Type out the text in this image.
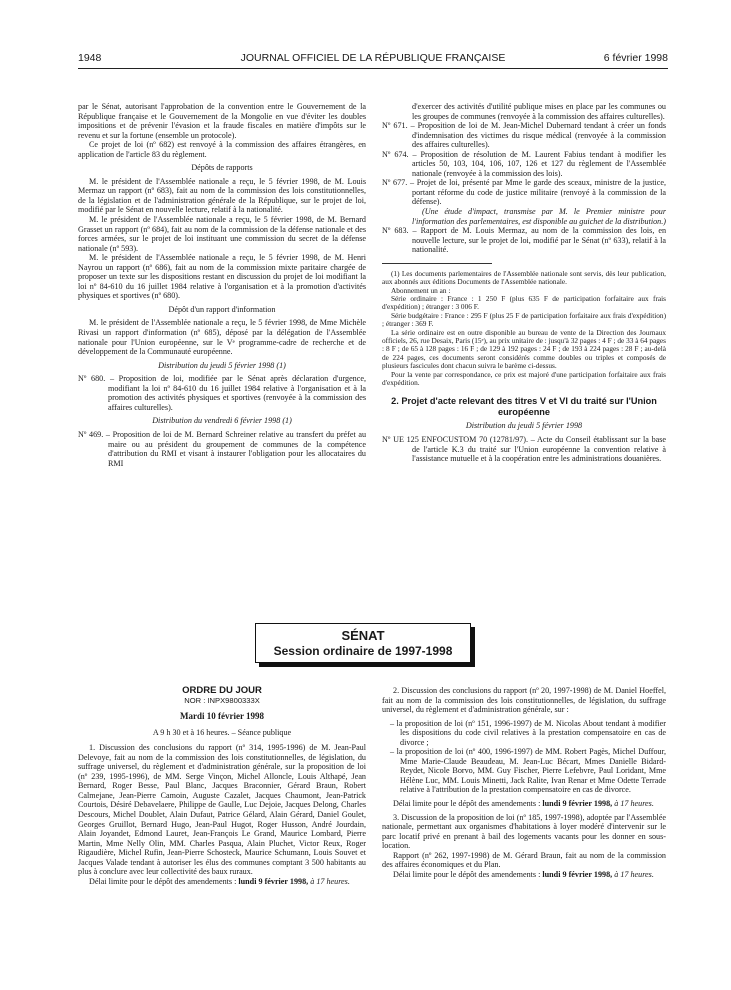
1948	JOURNAL OFFICIEL DE LA RÉPUBLIQUE FRANÇAISE	6 février 1998

par le Sénat, autorisant l'approbation de la convention entre le Gouvernement de la République française et le Gouvernement de la Mongolie en vue d'éviter les doubles impositions et de prévenir l'évasion et la fraude fiscales en matière d'impôts sur le revenu et sur la fortune (ensemble un protocole).

Ce projet de loi (nº 682) est renvoyé à la commission des affaires étrangères, en application de l'article 83 du règlement.

Dépôts de rapports

M. le président de l'Assemblée nationale a reçu, le 5 février 1998, de M. Louis Mermaz un rapport (nº 683), fait au nom de la commission des lois constitutionnelles, de la législation et de l'administration générale de la République, sur le projet de loi, modifié par le Sénat en nouvelle lecture, relatif à la nationalité.

M. le président de l'Assemblée nationale a reçu, le 5 février 1998, de M. Bernard Grasset un rapport (nº 684), fait au nom de la commission de la défense nationale et des forces armées, sur le projet de loi instituant une commission du secret de la défense nationale (nº 593).

M. le président de l'Assemblée nationale a reçu, le 5 février 1998, de M. Henri Nayrou un rapport (nº 686), fait au nom de la commission mixte paritaire chargée de proposer un texte sur les dispositions restant en discussion du projet de loi modifiant la loi nº 84-610 du 16 juillet 1984 relative à l'organisation et à la promotion d'activités physiques et sportives (nº 680).

Dépôt d'un rapport d'information

M. le président de l'Assemblée nationale a reçu, le 5 février 1998, de Mme Michèle Rivasi un rapport d'information (nº 685), déposé par la délégation de l'Assemblée nationale pour l'Union européenne, sur le Vᵉ programme-cadre de recherche et de développement de la Communauté européenne.

Distribution du jeudi 5 février 1998 (1)

Nº 680. – Proposition de loi, modifiée par le Sénat après déclaration d'urgence, modifiant la loi nº 84-610 du 16 juillet 1984 relative à l'organisation et à la promotion des activités physiques et sportives (renvoyée à la commission des affaires culturelles).

Distribution du vendredi 6 février 1998 (1)

Nº 469. – Proposition de loi de M. Bernard Schreiner relative au transfert du préfet au maire ou au président du groupement de communes de la compétence d'attribution du RMI et visant à instaurer l'obligation pour les allocataires du RMI

d'exercer des activités d'utilité publique mises en place par les communes ou les groupes de communes (renvoyée à la commission des affaires culturelles).

Nº 671. – Proposition de loi de M. Jean-Michel Dubernard tendant à créer un fonds d'indemnisation des victimes du risque médical (renvoyée à la commission des affaires culturelles).

Nº 674. – Proposition de résolution de M. Laurent Fabius tendant à modifier les articles 50, 103, 104, 106, 107, 126 et 127 du règlement de l'Assemblée nationale (renvoyée à la commission des lois).

Nº 677. – Projet de loi, présenté par Mme le garde des sceaux, ministre de la justice, portant réforme du code de justice militaire (renvoyé à la commission de la défense).

(Une étude d'impact, transmise par M. le Premier ministre pour l'information des parlementaires, est disponible au guichet de la distribution.)

Nº 683. – Rapport de M. Louis Mermaz, au nom de la commission des lois, en nouvelle lecture, sur le projet de loi, modifié par le Sénat (nº 633), relatif à la nationalité.

(1) Les documents parlementaires de l'Assemblée nationale sont servis, dès leur publication, aux abonnés aux éditions Documents de l'Assemblée nationale.

Abonnement un an :

Série ordinaire : France : 1 250 F (plus 635 F de participation forfaitaire aux frais d'expédition) ; étranger : 3 006 F.

Série budgétaire : France : 295 F (plus 25 F de participation forfaitaire aux frais d'expédition) ; étranger : 369 F.

La série ordinaire est en outre disponible au bureau de vente de la Direction des Journaux officiels, 26, rue Desaix, Paris (15ᵉ), au prix unitaire de : jusqu'à 32 pages : 4 F ; de 33 à 64 pages : 8 F ; de 65 à 128 pages : 16 F ; de 129 à 192 pages : 24 F ; de 193 à 224 pages : 28 F ; au-delà de 224 pages, ces documents seront considérés comme doubles ou triples et composés de plusieurs fascicules dont chacun suivra le barème ci-dessus.

Pour la vente par correspondance, ce prix est majoré d'une participation forfaitaire aux frais d'expédition.

2. Projet d'acte relevant des titres V et VI du traité sur l'Union européenne

Distribution du jeudi 5 février 1998

Nº UE 125 ENFOCUSTOM 70 (12781/97). – Acte du Conseil établissant sur la base de l'article K.3 du traité sur l'Union européenne la convention relative à l'assistance mutuelle et à la coopération entre les administrations douanières.

SÉNAT
Session ordinaire de 1997-1998

ORDRE DU JOUR

NOR : INPX9800333X

Mardi 10 février 1998

A 9 h 30 et à 16 heures. – Séance publique

1. Discussion des conclusions du rapport (nº 314, 1995-1996) de M. Jean-Paul Delevoye, fait au nom de la commission des lois constitutionnelles, de législation, du suffrage universel, du règlement et d'administration générale, sur la proposition de loi (nº 239, 1995-1996), de MM. Serge Vinçon, Michel Alloncle, Louis Althapé, Jean Bernard, Roger Besse, Paul Blanc, Jacques Braconnier, Gérard Braun, Robert Calmejane, Jean-Pierre Camoin, Auguste Cazalet, Jacques Chaumont, Jean-Patrick Courtois, Désiré Debavelaere, Philippe de Gaulle, Luc Dejoie, Jacques Delong, Charles Descours, Michel Doublet, Alain Dufaut, Patrice Gélard, Alain Gérard, Daniel Goulet, Georges Gruillot, Bernard Hugo, Jean-Paul Hugot, Roger Husson, André Jourdain, Alain Joyandet, Edmond Lauret, Jean-François Le Grand, Maurice Lombard, Pierre Martin, Mme Nelly Olin, MM. Charles Pasqua, Alain Pluchet, Victor Reux, Roger Rigaudière, Michel Rufin, Jean-Pierre Schosteck, Maurice Schumann, Louis Souvet et Jacques Valade tendant à autoriser les élus des communes comptant 3 500 habitants au plus à conclure avec leur collectivité des baux ruraux.

Délai limite pour le dépôt des amendements : lundi 9 février 1998, à 17 heures.

2. Discussion des conclusions du rapport (nº 20, 1997-1998) de M. Daniel Hoeffel, fait au nom de la commission des lois constitutionnelles, de législation, du suffrage universel, du règlement et d'administration générale, sur :

– la proposition de loi (nº 151, 1996-1997) de M. Nicolas About tendant à modifier les dispositions du code civil relatives à la prestation compensatoire en cas de divorce ;

– la proposition de loi (nº 400, 1996-1997) de MM. Robert Pagès, Michel Duffour, Mme Marie-Claude Beaudeau, M. Jean-Luc Bécart, Mmes Danielle Bidard-Reydet, Nicole Borvo, MM. Guy Fischer, Pierre Lefebvre, Paul Loridant, Mme Hélène Luc, MM. Louis Minetti, Jack Ralite, Ivan Renar et Mme Odette Terrade relative à l'attribution de la prestation compensatoire en cas de divorce.

Délai limite pour le dépôt des amendements : lundi 9 février 1998, à 17 heures.

3. Discussion de la proposition de loi (nº 185, 1997-1998), adoptée par l'Assemblée nationale, permettant aux organismes d'habitations à loyer modéré d'intervenir sur le parc locatif privé en prenant à bail des logements vacants pour les donner en sous-location.

Rapport (nº 262, 1997-1998) de M. Gérard Braun, fait au nom de la commission des affaires économiques et du Plan.

Délai limite pour le dépôt des amendements : lundi 9 février 1998, à 17 heures.
